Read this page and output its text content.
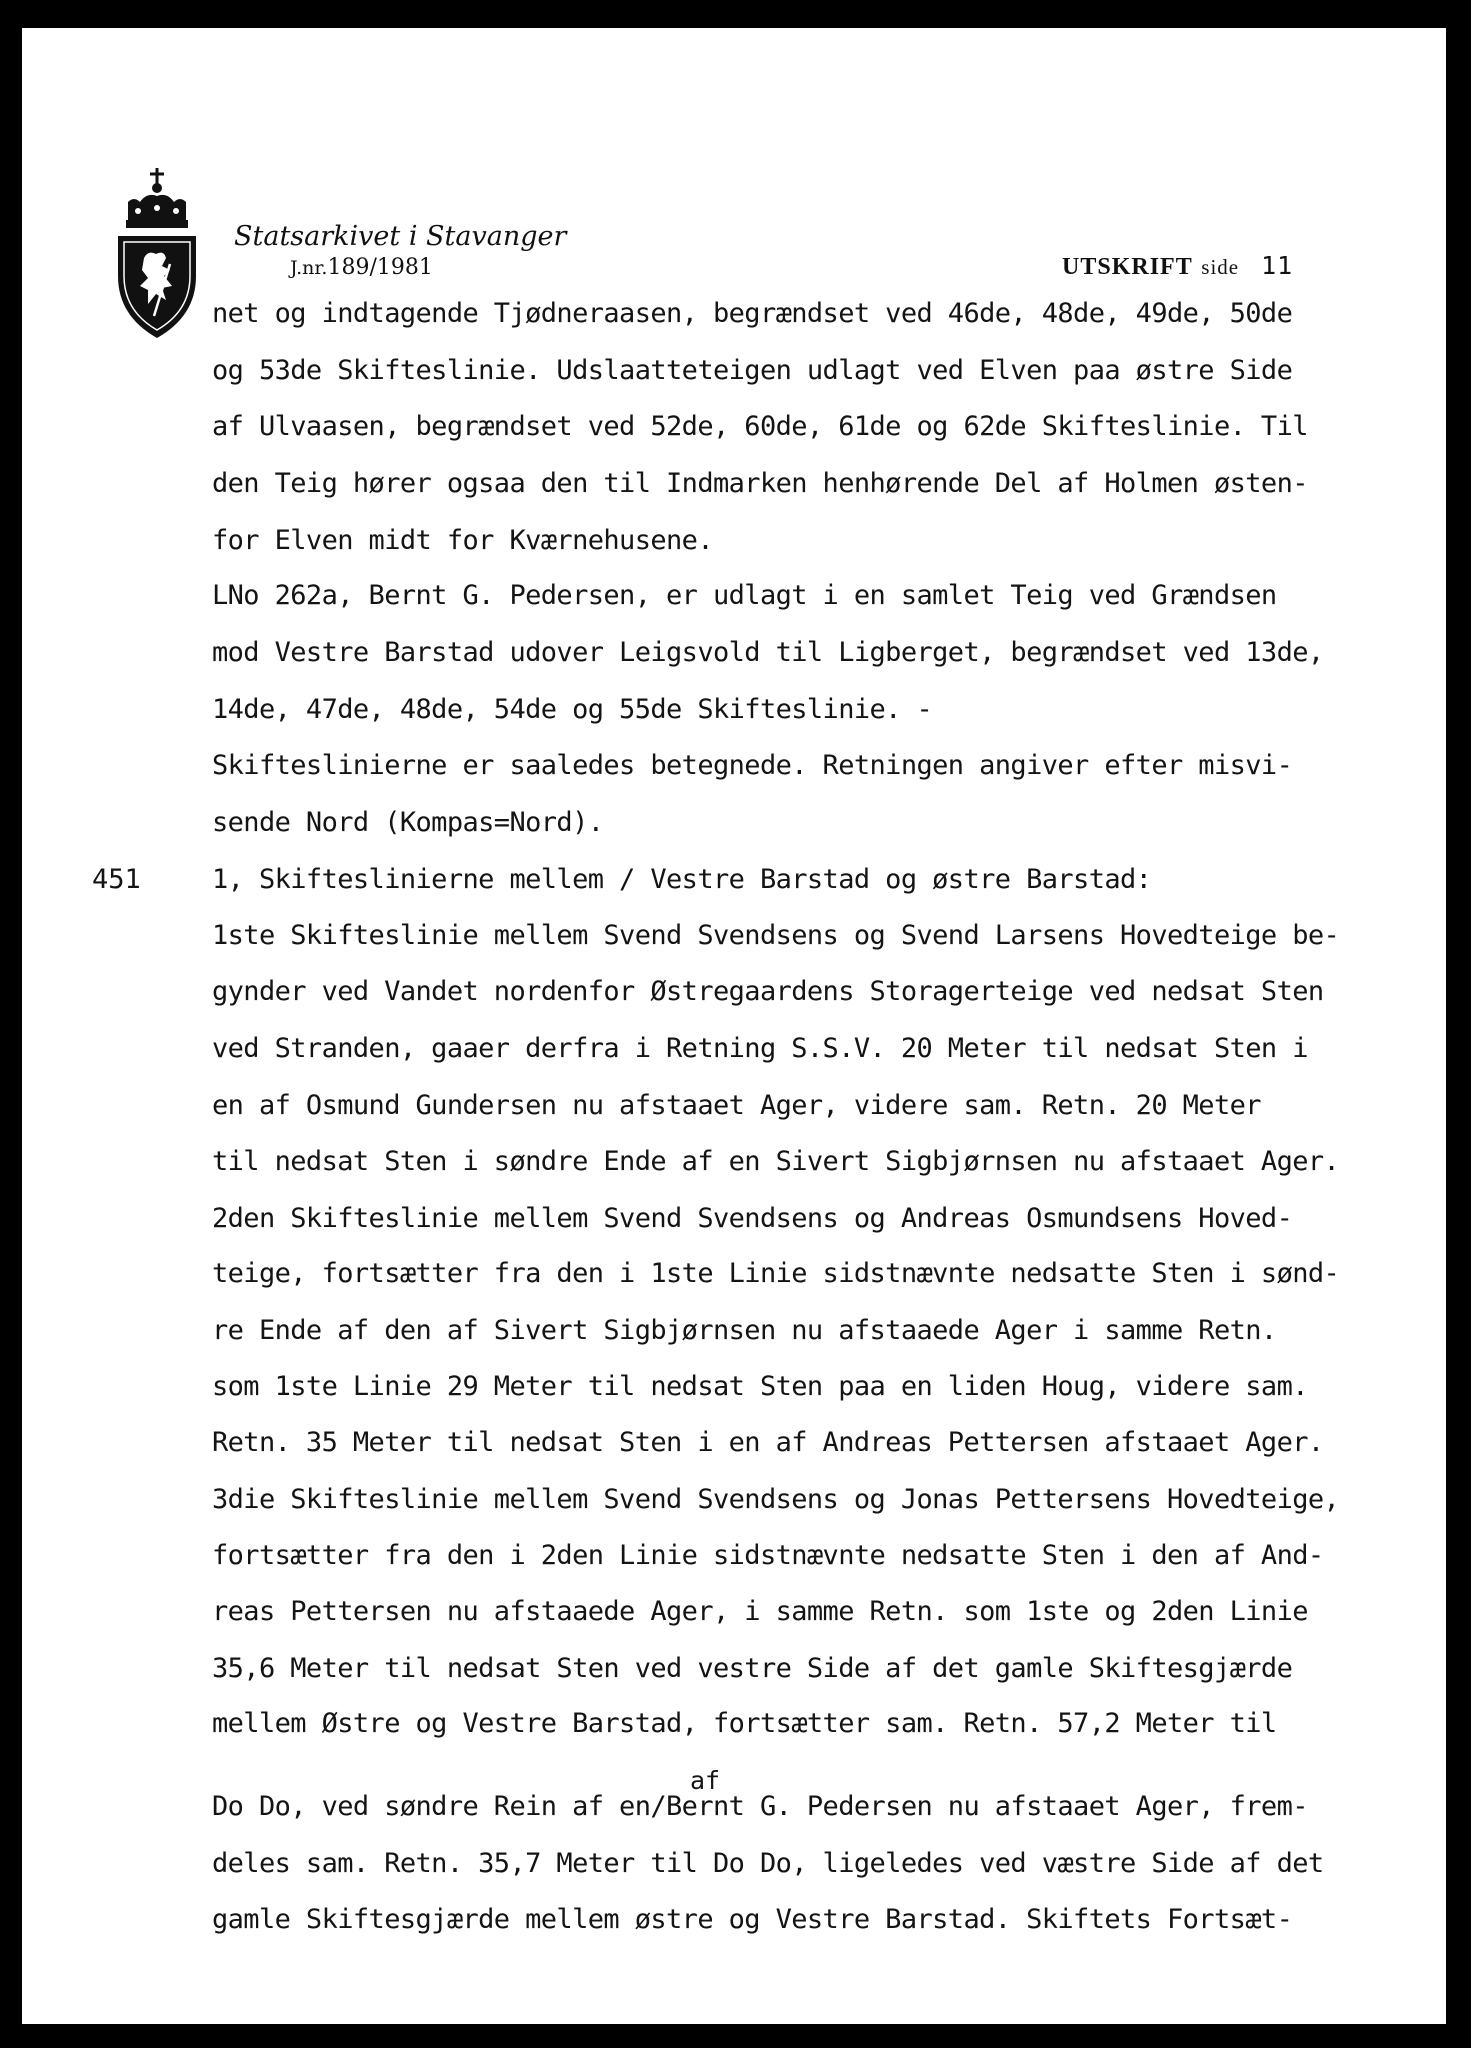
Statsarkivet i Stavanger
J.nr.189/1981	UTSKRIFT side 11
451
af
net og indtagende Tjødneraasen, begrændset ved 46de, 48de, 49de, 50de
og 53de Skifteslinie. Udslaatteteigen udlagt ved Elven paa østre Side
af Ulvaasen, begrændset ved 52de, 60de, 61de og 62de Skifteslinie. Til
den Teig hører ogsaa den til Indmarken henhørende Del af Holmen østen-
for Elven midt for Kværnehusene.
LNo 262a, Bernt G. Pedersen, er udlagt i en samlet Teig ved Grændsen
mod Vestre Barstad udover Leigsvold til Ligberget, begrændset ved 13de,
14de, 47de, 48de, 54de og 55de Skifteslinie. -
Skifteslinierne er saaledes betegnede. Retningen angiver efter misvi-
sende Nord (Kompas=Nord).
1, Skifteslinierne mellem / Vestre Barstad og østre Barstad:
1ste Skifteslinie mellem Svend Svendsens og Svend Larsens Hovedteige be-
gynder ved Vandet nordenfor Østregaardens Storagerteige ved nedsat Sten
ved Stranden, gaaer derfra i Retning S.S.V. 20 Meter til nedsat Sten i
en af Osmund Gundersen nu afstaaet Ager, videre sam. Retn. 20 Meter
til nedsat Sten i søndre Ende af en Sivert Sigbjørnsen nu afstaaet Ager.
2den Skifteslinie mellem Svend Svendsens og Andreas Osmundsens Hoved-
teige, fortsætter fra den i 1ste Linie sidstnævnte nedsatte Sten i sønd-
re Ende af den af Sivert Sigbjørnsen nu afstaaede Ager i samme Retn.
som 1ste Linie 29 Meter til nedsat Sten paa en liden Houg, videre sam.
Retn. 35 Meter til nedsat Sten i en af Andreas Pettersen afstaaet Ager.
3die Skifteslinie mellem Svend Svendsens og Jonas Pettersens Hovedteige,
fortsætter fra den i 2den Linie sidstnævnte nedsatte Sten i den af And-
reas Pettersen nu afstaaede Ager, i samme Retn. som 1ste og 2den Linie
35,6 Meter til nedsat Sten ved vestre Side af det gamle Skiftesgjærde
mellem Østre og Vestre Barstad, fortsætter sam. Retn. 57,2 Meter til
Do Do, ved søndre Rein af en/Bernt G. Pedersen nu afstaaet Ager, frem-
deles sam. Retn. 35,7 Meter til Do Do, ligeledes ved væstre Side af det
gamle Skiftesgjærde mellem østre og Vestre Barstad. Skiftets Fortsæt-
